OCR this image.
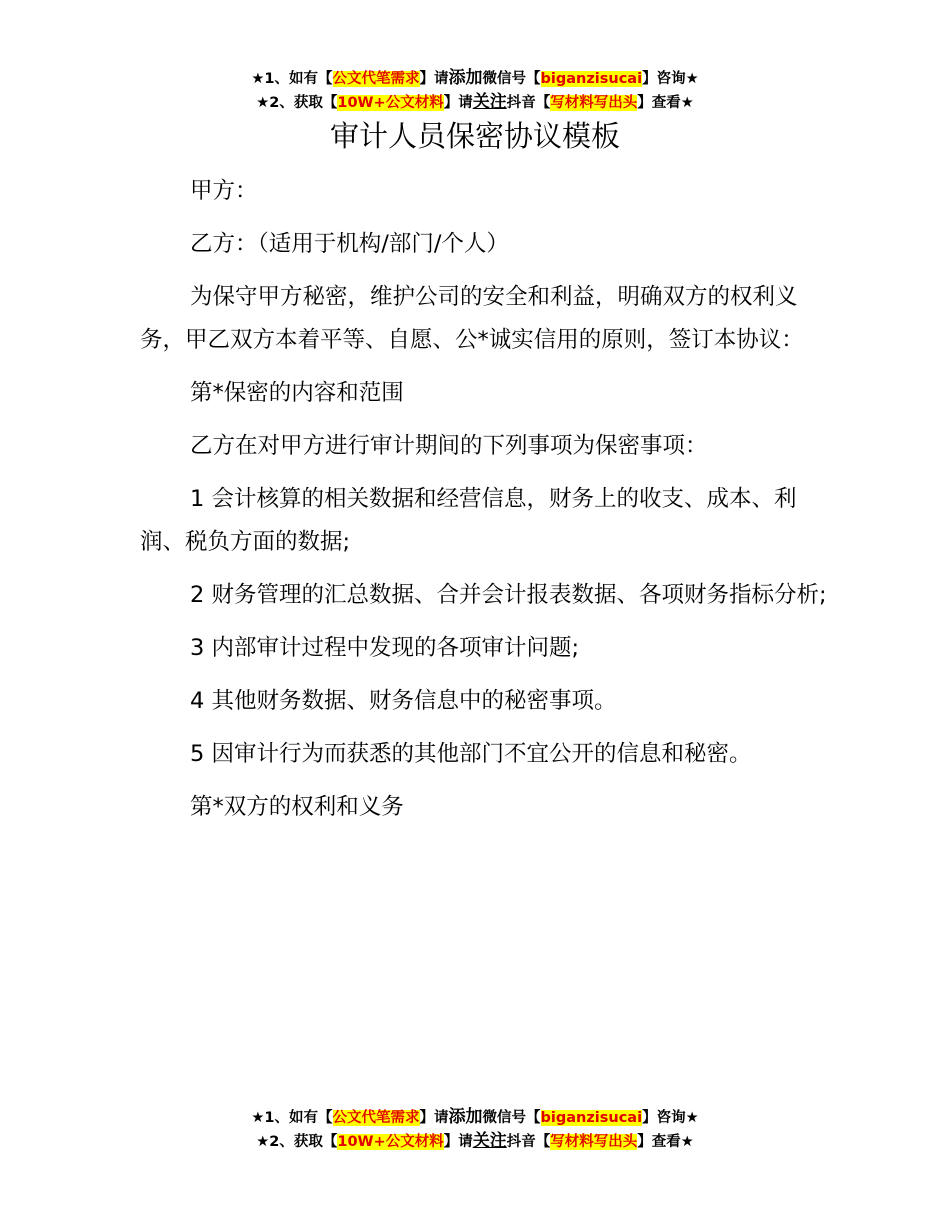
★1、如有【公文代笔需求】请添加微信号【biganzisucai】咨询★
★2、获取【10W+公文材料】请关注抖音【写材料写出头】查看★
审计人员保密协议模板

甲方：

乙方：（适用于机构/部门/个人）

为保守甲方秘密，维护公司的安全和利益，明确双方的权利义务，甲乙双方本着平等、自愿、公*诚实信用的原则，签订本协议：

第*保密的内容和范围

乙方在对甲方进行审计期间的下列事项为保密事项：

1 会计核算的相关数据和经营信息，财务上的收支、成本、利润、税负方面的数据;

2 财务管理的汇总数据、合并会计报表数据、各项财务指标分析;

3 内部审计过程中发现的各项审计问题;

4 其他财务数据、财务信息中的秘密事项。

5 因审计行为而获悉的其他部门不宜公开的信息和秘密。

第*双方的权利和义务

★1、如有【公文代笔需求】请添加微信号【biganzisucai】咨询★
★2、获取【10W+公文材料】请关注抖音【写材料写出头】查看★
